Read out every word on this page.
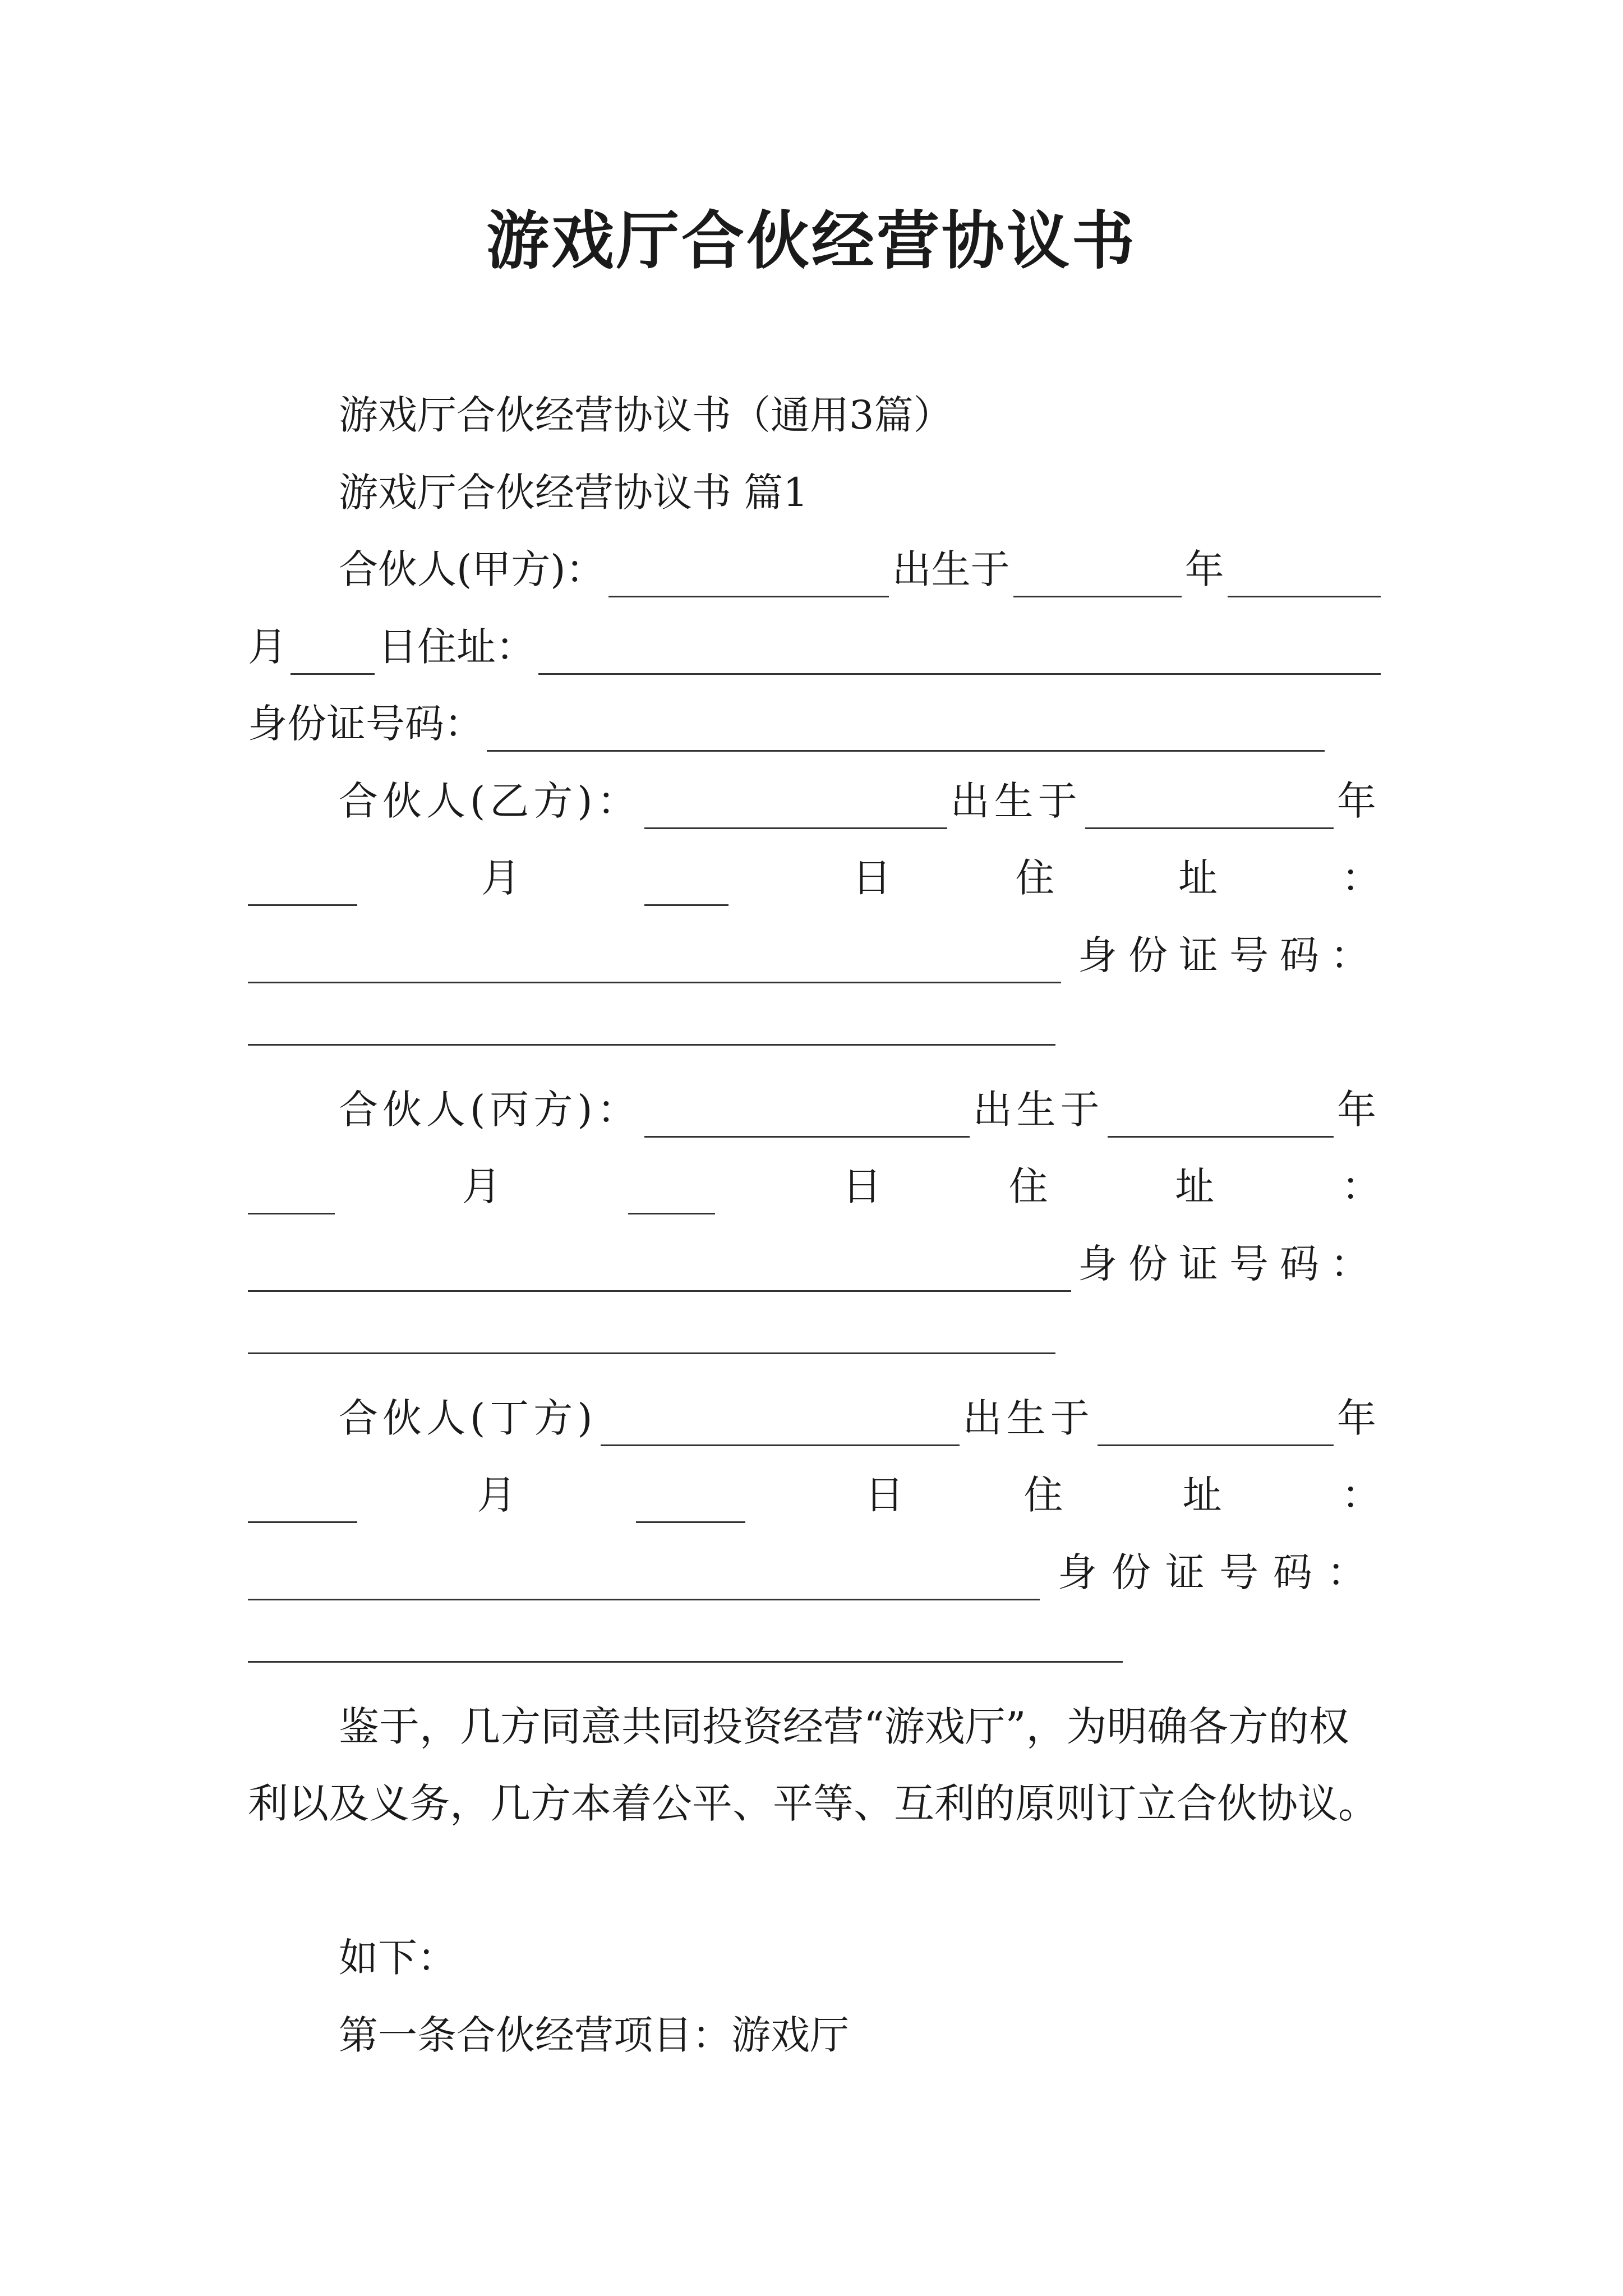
游戏厅合伙经营协议书
游戏厅合伙经营协议书（通用3篇）
游戏厅合伙经营协议书 篇1
合伙人(甲方)：	出生于	年
月 日住址：
身份证号码：
合伙人(乙方)：	出生于	年
月	日	住	址	：
身份证号码：
合伙人(丙方)：	出生于	年
月	日	住	址	：
身份证号码：
合伙人(丁方)	出生于	年
月	日	住	址	：
身份证号码：

鉴于，几方同意共同投资经营“游戏厅”，为明确各方的权利以及义务，几方本着公平、平等、互利的原则订立合伙协议。

如下：
第一条合伙经营项目：游戏厅
